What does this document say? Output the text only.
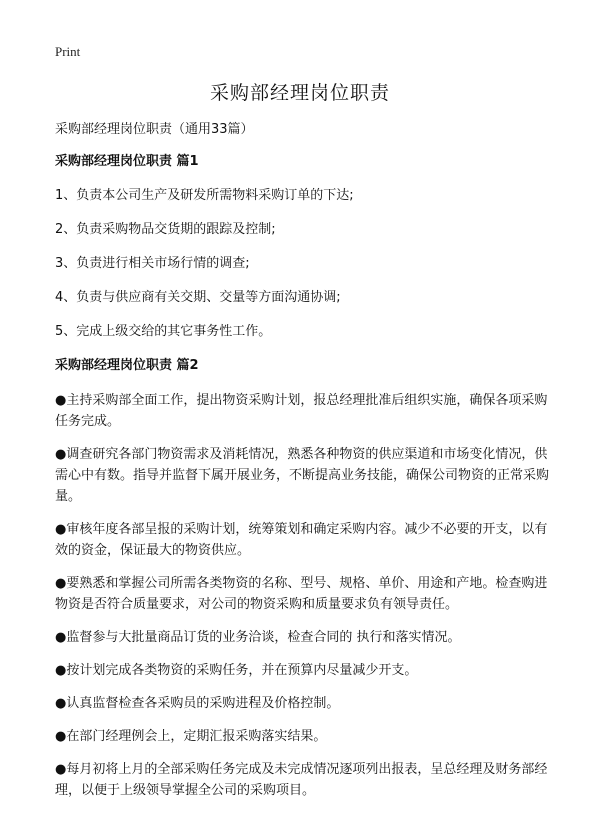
Print
采购部经理岗位职责

采购部经理岗位职责（通用33篇）

采购部经理岗位职责 篇1

1、负责本公司生产及研发所需物料采购订单的下达;

2、负责采购物品交货期的跟踪及控制;

3、负责进行相关市场行情的调查;

4、负责与供应商有关交期、交量等方面沟通协调;

5、完成上级交给的其它事务性工作。

采购部经理岗位职责 篇2

●主持采购部全面工作，提出物资采购计划，报总经理批准后组织实施，确保各项采购任务完成。

●调查研究各部门物资需求及消耗情况，熟悉各种物资的供应渠道和市场变化情况，供需心中有数。指导并监督下属开展业务，不断提高业务技能，确保公司物资的正常采购量。

●审核年度各部呈报的采购计划，统筹策划和确定采购内容。减少不必要的开支，以有效的资金，保证最大的物资供应。

●要熟悉和掌握公司所需各类物资的名称、型号、规格、单价、用途和产地。检查购进物资是否符合质量要求，对公司的物资采购和质量要求负有领导责任。

●监督参与大批量商品订货的业务洽谈，检查合同的 执行和落实情况。

●按计划完成各类物资的采购任务，并在预算内尽量减少开支。

●认真监督检查各采购员的采购进程及价格控制。

●在部门经理例会上，定期汇报采购落实结果。

●每月初将上月的全部采购任务完成及未完成情况逐项列出报表，呈总经理及财务部经理，以便于上级领导掌握全公司的采购项目。
